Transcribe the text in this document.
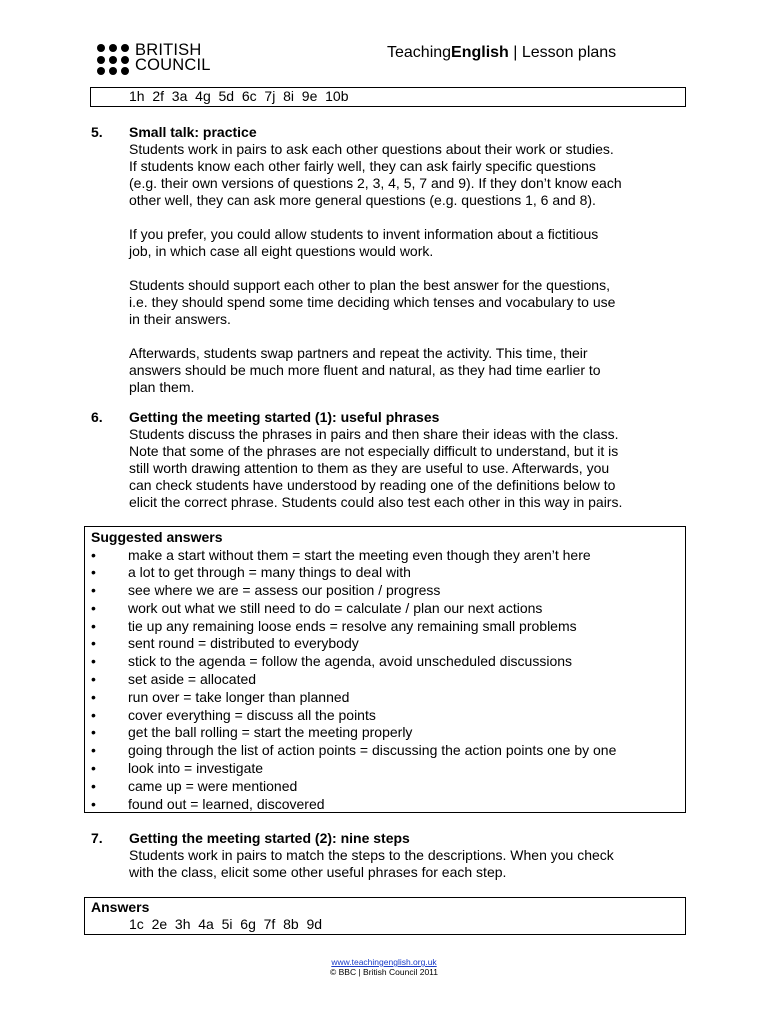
BRITISH
COUNCIL
TeachingEnglish | Lesson plans
1h  2f  3a  4g  5d  6c  7j  8i  9e  10b
5. Small talk: practice
Students work in pairs to ask each other questions about their work or studies.
If students know each other fairly well, they can ask fairly specific questions
(e.g. their own versions of questions 2, 3, 4, 5, 7 and 9). If they don’t know each
other well, they can ask more general questions (e.g. questions 1, 6 and 8).
If you prefer, you could allow students to invent information about a fictitious
job, in which case all eight questions would work.
Students should support each other to plan the best answer for the questions,
i.e. they should spend some time deciding which tenses and vocabulary to use
in their answers.
Afterwards, students swap partners and repeat the activity. This time, their
answers should be much more fluent and natural, as they had time earlier to
plan them.
6. Getting the meeting started (1): useful phrases
Students discuss the phrases in pairs and then share their ideas with the class.
Note that some of the phrases are not especially difficult to understand, but it is
still worth drawing attention to them as they are useful to use. Afterwards, you
can check students have understood by reading one of the definitions below to
elicit the correct phrase. Students could also test each other in this way in pairs.
Suggested answers
• make a start without them = start the meeting even though they aren’t here
• a lot to get through = many things to deal with
• see where we are = assess our position / progress
• work out what we still need to do = calculate / plan our next actions
• tie up any remaining loose ends = resolve any remaining small problems
• sent round = distributed to everybody
• stick to the agenda = follow the agenda, avoid unscheduled discussions
• set aside = allocated
• run over = take longer than planned
• cover everything = discuss all the points
• get the ball rolling = start the meeting properly
• going through the list of action points = discussing the action points one by one
• look into = investigate
• came up = were mentioned
• found out = learned, discovered
7. Getting the meeting started (2): nine steps
Students work in pairs to match the steps to the descriptions. When you check
with the class, elicit some other useful phrases for each step.
Answers
1c  2e  3h  4a  5i  6g  7f  8b  9d
www.teachingenglish.org.uk
© BBC | British Council 2011
